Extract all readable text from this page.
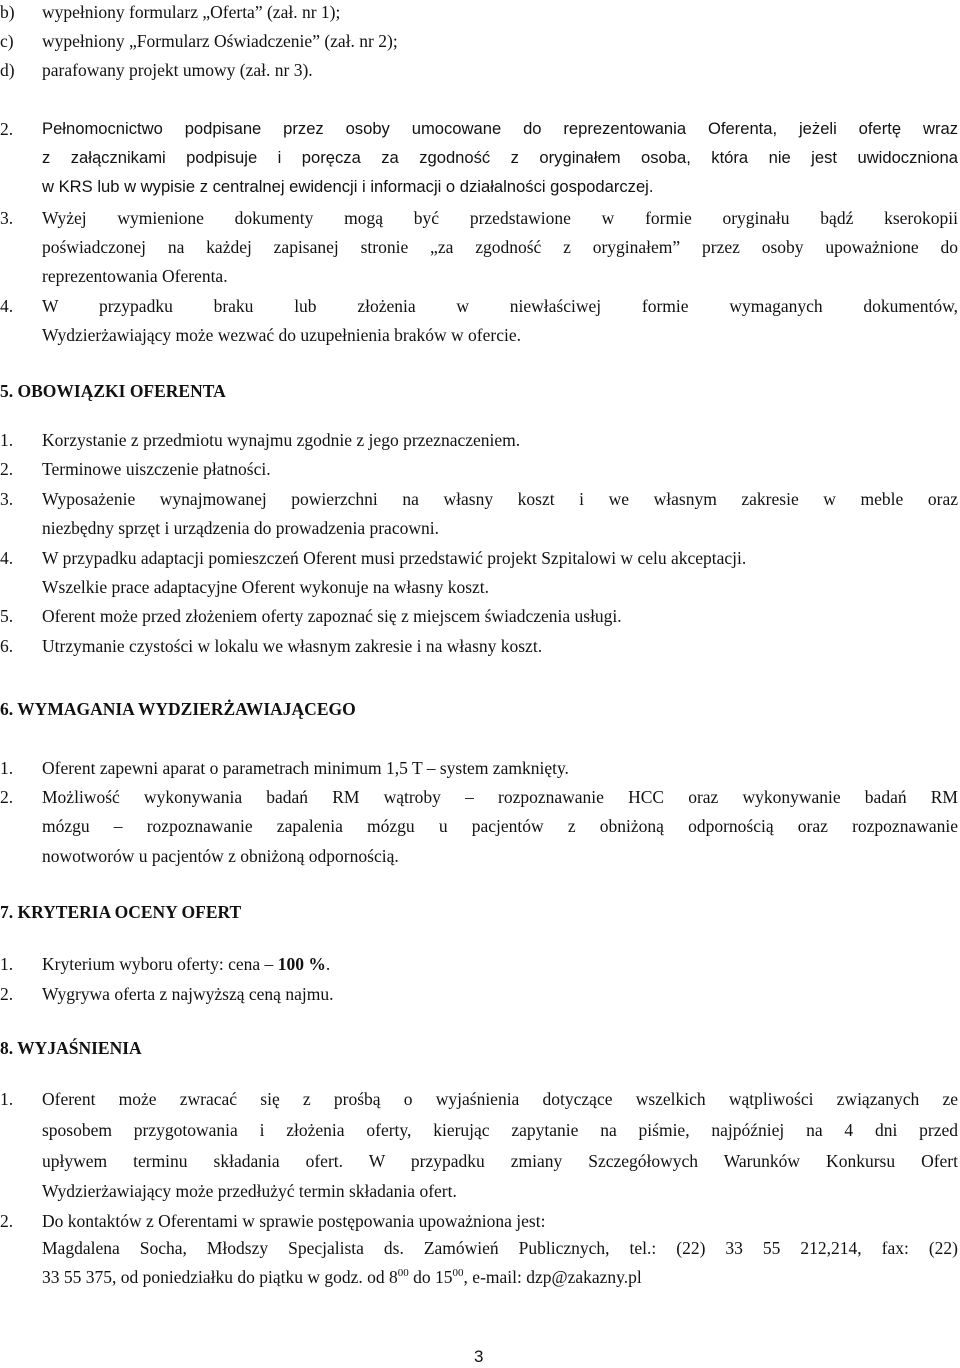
b) wypełniony formularz „Oferta” (zał. nr 1);
c) wypełniony „Formularz Oświadczenie” (zał. nr 2);
d) parafowany projekt umowy (zał. nr 3).
2. Pełnomocnictwo podpisane przez osoby umocowane do reprezentowania Oferenta, jeżeli ofertę wraz
z załącznikami podpisuje i poręcza za zgodność z oryginałem osoba, która nie jest uwidoczniona
w KRS lub w wypisie z centralnej ewidencji i informacji o działalności gospodarczej.
3. Wyżej wymienione dokumenty mogą być przedstawione w formie oryginału bądź kserokopii
poświadczonej na każdej zapisanej stronie „za zgodność z oryginałem” przez osoby upoważnione do
reprezentowania Oferenta.
4. W przypadku braku lub złożenia w niewłaściwej formie wymaganych dokumentów,
Wydzierżawiający może wezwać do uzupełnienia braków w ofercie.
5. OBOWIĄZKI OFERENTA
1. Korzystanie z przedmiotu wynajmu zgodnie z jego przeznaczeniem.
2. Terminowe uiszczenie płatności.
3. Wyposażenie wynajmowanej powierzchni na własny koszt i we własnym zakresie w meble oraz
niezbędny sprzęt i urządzenia do prowadzenia pracowni.
4. W przypadku adaptacji pomieszczeń Oferent musi przedstawić projekt Szpitalowi w celu akceptacji.
Wszelkie prace adaptacyjne Oferent wykonuje na własny koszt.
5. Oferent może przed złożeniem oferty zapoznać się z miejscem świadczenia usługi.
6. Utrzymanie czystości w lokalu we własnym zakresie i na własny koszt.
6. WYMAGANIA WYDZIERŻAWIAJĄCEGO
1. Oferent zapewni aparat o parametrach minimum 1,5 T – system zamknięty.
2. Możliwość wykonywania badań RM wątroby – rozpoznawanie HCC oraz wykonywanie badań RM
mózgu – rozpoznawanie zapalenia mózgu u pacjentów z obniżoną odpornością oraz rozpoznawanie
nowotworów u pacjentów z obniżoną odpornością.
7. KRYTERIA OCENY OFERT
1. Kryterium wyboru oferty: cena – 100 %.
2. Wygrywa oferta z najwyższą ceną najmu.
8. WYJAŚNIENIA
1. Oferent może zwracać się z prośbą o wyjaśnienia dotyczące wszelkich wątpliwości związanych ze
sposobem przygotowania i złożenia oferty, kierując zapytanie na piśmie, najpóźniej na 4 dni przed
upływem terminu składania ofert. W przypadku zmiany Szczegółowych Warunków Konkursu Ofert
Wydzierżawiający może przedłużyć termin składania ofert.
2. Do kontaktów z Oferentami w sprawie postępowania upoważniona jest:
Magdalena Socha, Młodszy Specjalista ds. Zamówień Publicznych, tel.: (22) 33 55 212,214, fax: (22)
33 55 375, od poniedziałku do piątku w godz. od $8^{00}$ do $15^{00}$, e-mail: dzp@zakazny.pl
3
